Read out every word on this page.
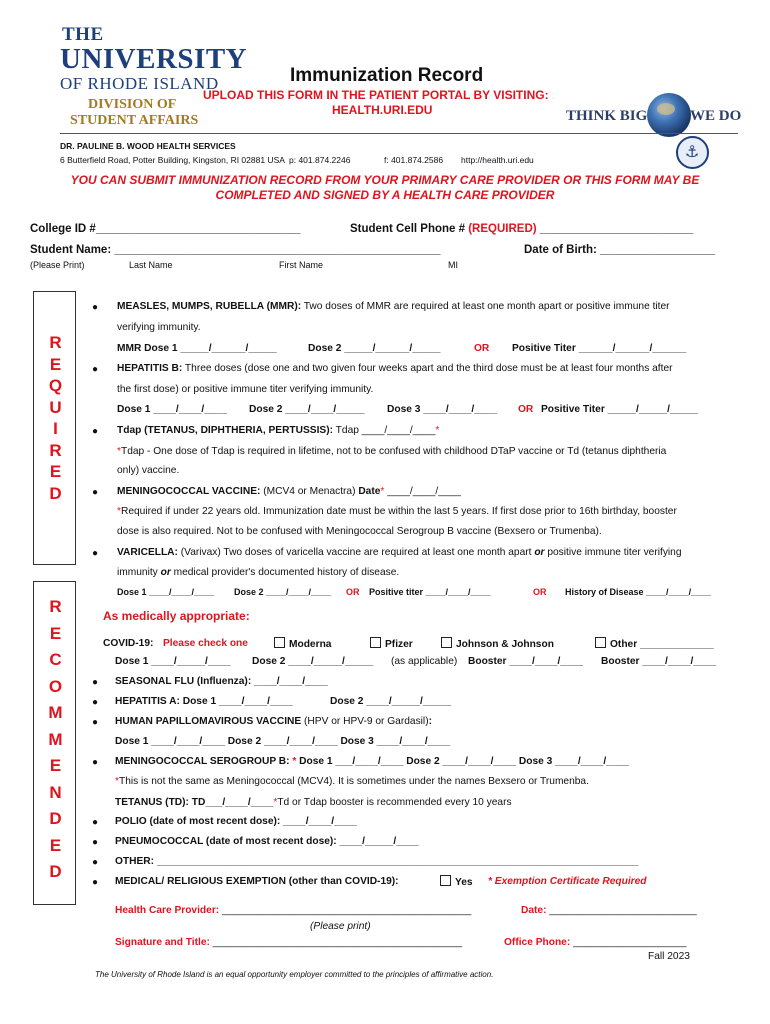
THE
UNIVERSITY
OF RHODE ISLAND
DIVISION OF
STUDENT AFFAIRS
Immunization Record
UPLOAD THIS FORM IN THE PATIENT PORTAL BY VISITING:
HEALTH.URI.EDU	THINK BIG	WE DO
DR. PAULINE B. WOOD HEALTH SERVICES
6 Butterfield Road, Potter Building, Kingston, RI 02881 USA p: 401.874.2246	f: 401.874.2586 http://health.uri.edu
⚓
YOU CAN SUBMIT IMMUNIZATION RECORD FROM YOUR PRIMARY CARE PROVIDER OR THIS FORM MAY BE
COMPLETED AND SIGNED BY A HEALTH CARE PROVIDER
College ID #________________________________	Student Cell Phone # (REQUIRED) ________________________
Student Name: ___________________________________________________	Date of Birth: __________________
(Please Print)	Last Name	First Name	MI
R
E
Q
U
I
R
E
D
R
E
C
O
M
M
E
N
D
E
D
● MEASLES, MUMPS, RUBELLA (MMR): Two doses of MMR are required at least one month apart or positive immune titer
verifying immunity.
MMR Dose 1 _____/______/_____	Dose 2 _____/______/_____	OR Positive Titer ______/______/______
● HEPATITIS B: Three doses (dose one and two given four weeks apart and the third dose must be at least four months after
the first dose) or positive immune titer verifying immunity.
Dose 1 ____/____/____ Dose 2 ____/____/_____ Dose 3 ____/____/____ OR Positive Titer _____/_____/_____
● Tdap (TETANUS, DIPHTHERIA, PERTUSSIS): Tdap ____/____/____*
*Tdap - One dose of Tdap is required in lifetime, not to be confused with childhood DTaP vaccine or Td (tetanus diphtheria
only) vaccine.
● MENINGOCOCCAL VACCINE: (MCV4 or Menactra) Date* ____/____/____
*Required if under 22 years old. Immunization date must be within the last 5 years. If first dose prior to 16th birthday, booster
dose is also required. Not to be confused with Meningococcal Serogroup B vaccine (Bexsero or Trumenba).
● VARICELLA: (Varivax) Two doses of varicella vaccine are required at least one month apart or positive immune titer verifying
immunity or medical provider's documented history of disease.
Dose 1 ____/____/____ Dose 2 ____/____/____ OR Positive titer ____/____/____	OR History of Disease ____/____/____
As medically appropriate:
COVID-19: Please check one	Moderna	Pfizer	Johnson & Johnson	Other _____________
Dose 1 ____/_____/____ Dose 2 ____/_____/_____ (as applicable) Booster ____/____/____ Booster ____/____/____
● SEASONAL FLU (Influenza): ____/____/____
● HEPATITIS A: Dose 1 ____/____/____	Dose 2 ____/_____/_____
● HUMAN PAPILLOMAVIROUS VACCINE (HPV or HPV-9 or Gardasil):
Dose 1 ____/____/____ Dose 2 ____/____/____ Dose 3 ____/____/____
● MENINGOCOCCAL SEROGROUP B: * Dose 1 ___/____/____ Dose 2 ____/____/____ Dose 3 ____/____/____
*This is not the same as Meningococcal (MCV4). It is sometimes under the names Bexsero or Trumenba.
TETANUS (TD): TD___/____/____*Td or Tdap booster is recommended every 10 years
● POLIO (date of most recent dose): ____/____/____
● PNEUMOCOCCAL (date of most recent dose): ____/_____/____
● OTHER: _____________________________________________________________________________________
● MEDICAL/ RELIGIOUS EXEMPTION (other than COVID-19):	Yes * Exemption Certificate Required
Health Care Provider: ____________________________________________	Date: __________________________
(Please print)
Signature and Title: ____________________________________________	Office Phone: ____________________
Fall 2023
The University of Rhode Island is an equal opportunity employer committed to the principles of affirmative action.
